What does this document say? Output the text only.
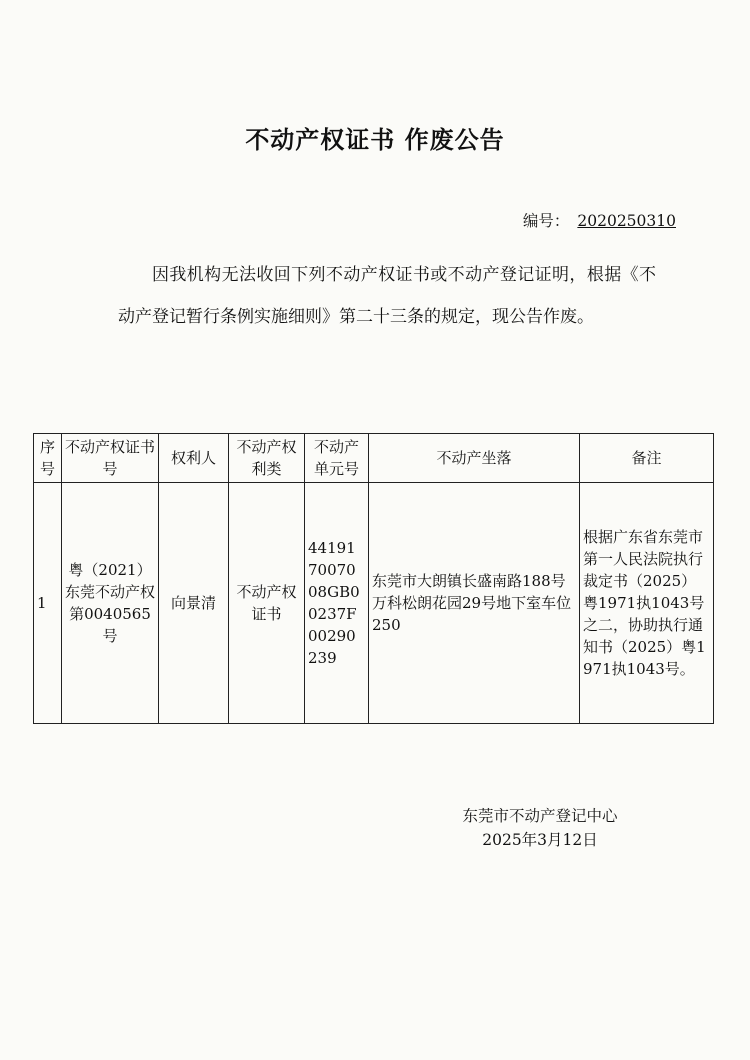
不动产权证书 作废公告
编号： 2020250310

因我机构无法收回下列不动产权证书或不动产登记证明，根据《不动产登记暂行条例实施细则》第二十三条的规定，现公告作废。

序号	不动产权证书号	权利人	不动产权利类	不动产单元号	不动产坐落	备注
1	粤（2021）东莞不动产权第0040565号	向景清	不动产权证书	441917007008GB00237F00290239	东莞市大朗镇长盛南路188号万科松朗花园29号地下室车位250	根据广东省东莞市第一人民法院执行裁定书（2025）粤1971执1043号之二，协助执行通知书（2025）粤1971执1043号。
东莞市不动产登记中心
2025年3月12日
